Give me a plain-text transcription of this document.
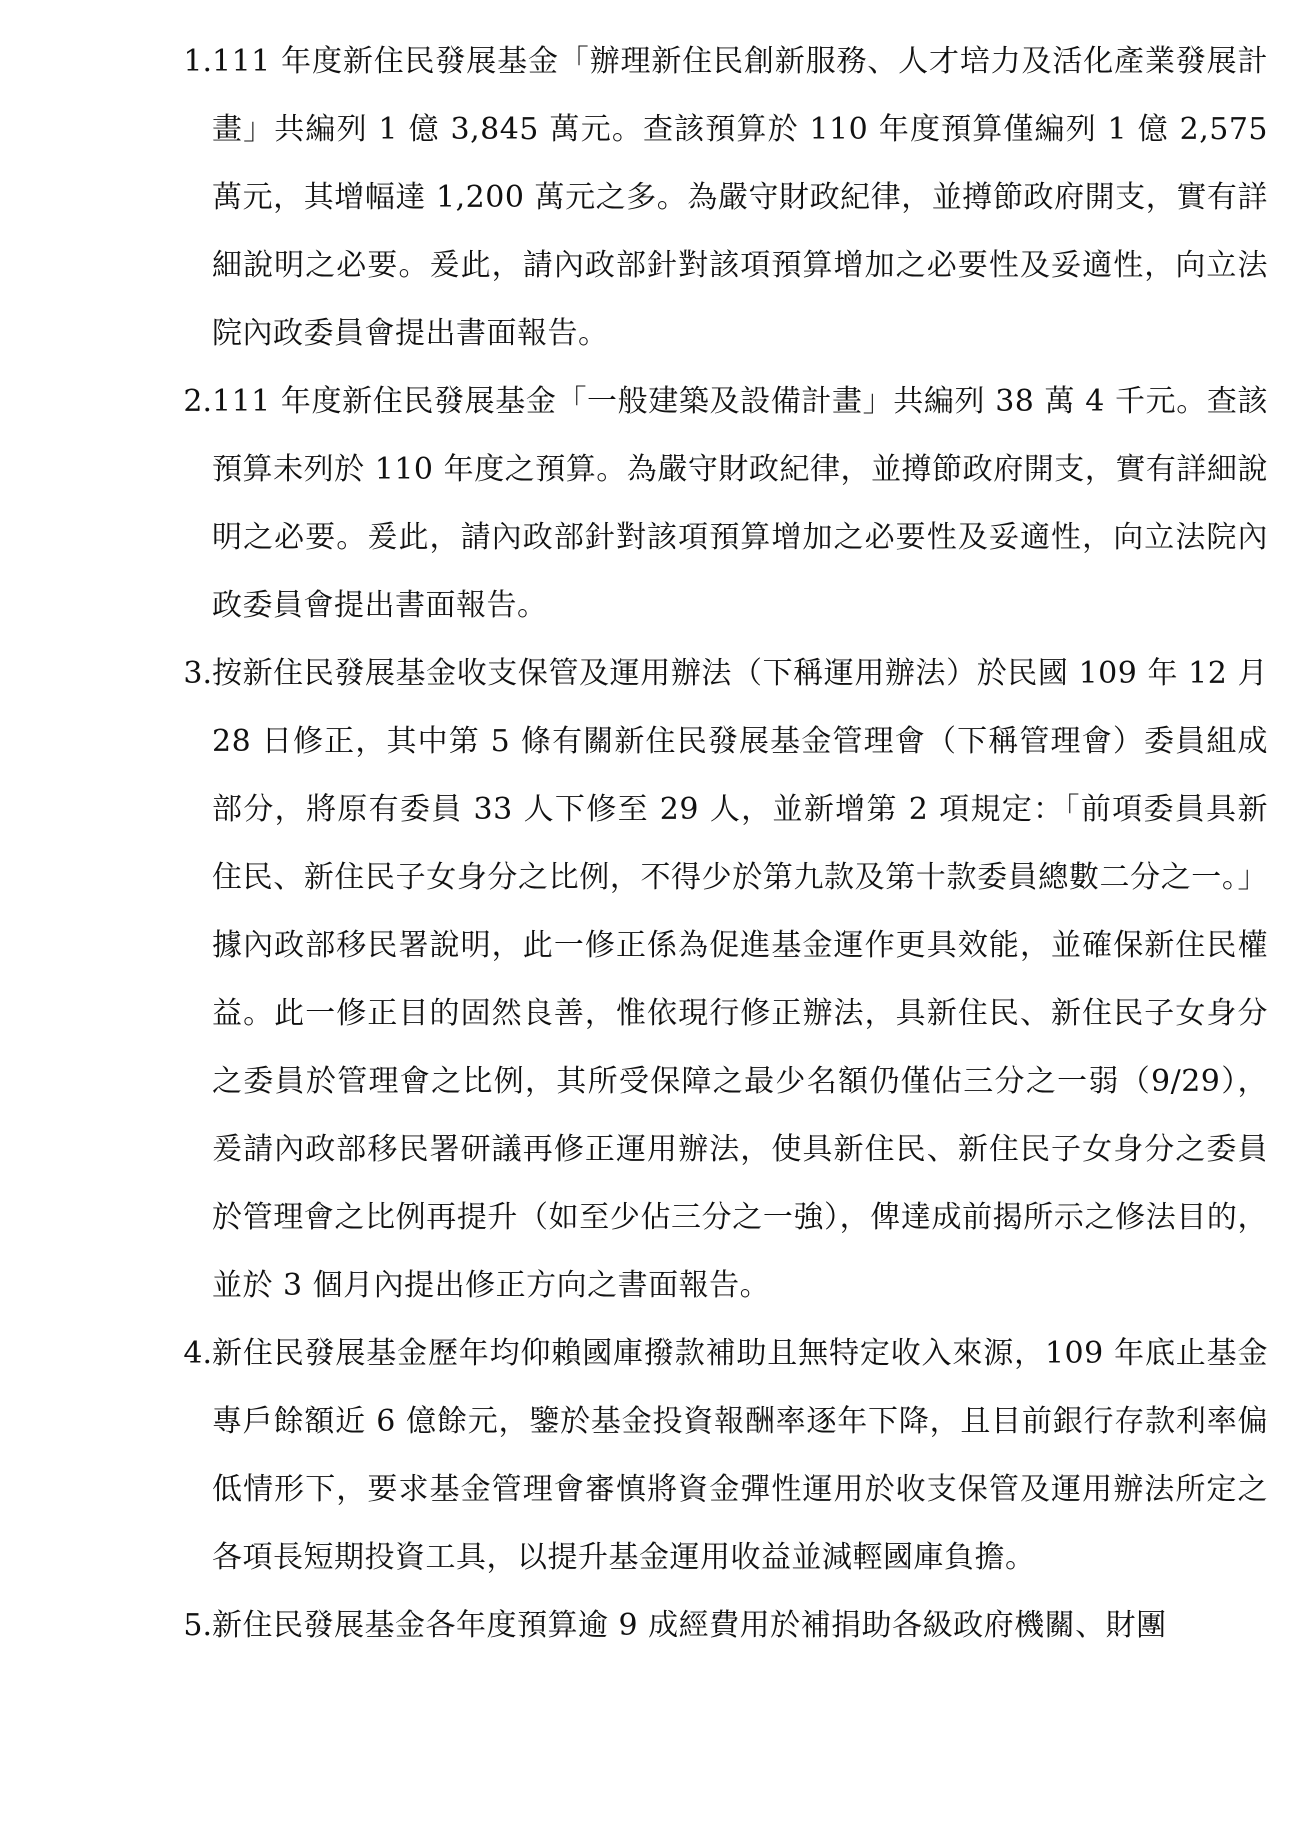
1. 111 年度新住民發展基金「辦理新住民創新服務、人才培力及活化產業發展計畫」共編列 1 億 3,845 萬元。查該預算於 110 年度預算僅編列 1 億 2,575 萬元，其增幅達 1,200 萬元之多。為嚴守財政紀律，並撙節政府開支，實有詳細說明之必要。爰此，請內政部針對該項預算增加之必要性及妥適性，向立法院內政委員會提出書面報告。

2. 111 年度新住民發展基金「一般建築及設備計畫」共編列 38 萬 4 千元。查該預算未列於 110 年度之預算。為嚴守財政紀律，並撙節政府開支，實有詳細說明之必要。爰此，請內政部針對該項預算增加之必要性及妥適性，向立法院內政委員會提出書面報告。

3. 按新住民發展基金收支保管及運用辦法（下稱運用辦法）於民國 109 年 12 月 28 日修正，其中第 5 條有關新住民發展基金管理會（下稱管理會）委員組成部分，將原有委員 33 人下修至 29 人，並新增第 2 項規定：「前項委員具新住民、新住民子女身分之比例，不得少於第九款及第十款委員總數二分之一。」據內政部移民署說明，此一修正係為促進基金運作更具效能，並確保新住民權益。此一修正目的固然良善，惟依現行修正辦法，具新住民、新住民子女身分之委員於管理會之比例，其所受保障之最少名額仍僅佔三分之一弱（9/29），爰請內政部移民署研議再修正運用辦法，使具新住民、新住民子女身分之委員於管理會之比例再提升（如至少佔三分之一強），俾達成前揭所示之修法目的，並於 3 個月內提出修正方向之書面報告。

4. 新住民發展基金歷年均仰賴國庫撥款補助且無特定收入來源，109 年底止基金專戶餘額近 6 億餘元，鑒於基金投資報酬率逐年下降，且目前銀行存款利率偏低情形下，要求基金管理會審慎將資金彈性運用於收支保管及運用辦法所定之各項長短期投資工具，以提升基金運用收益並減輕國庫負擔。

5. 新住民發展基金各年度預算逾 9 成經費用於補捐助各級政府機關、財團
